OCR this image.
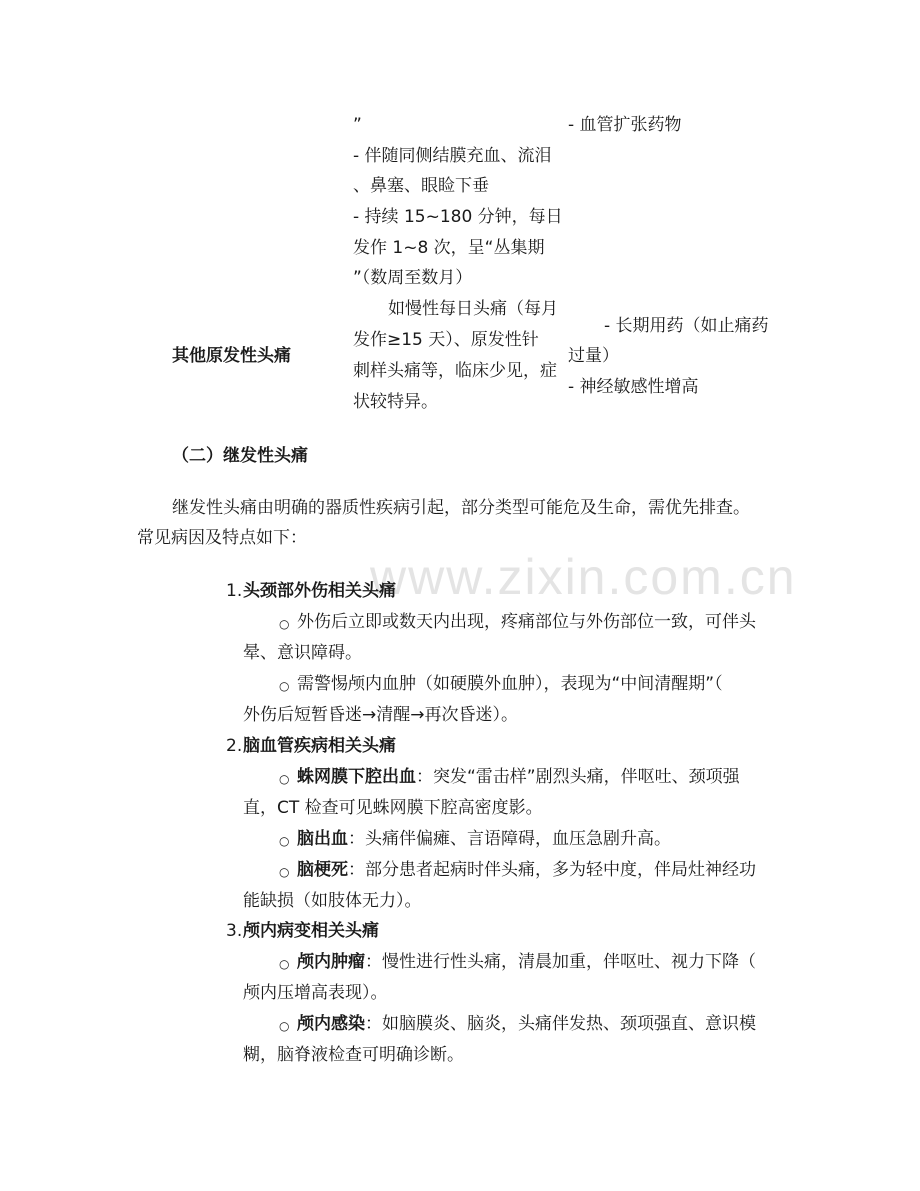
www.zixin.com.cn
”
- 伴随同侧结膜充血、流泪
、鼻塞、眼睑下垂
- 持续 15~180 分钟，每日
发作 1~8 次，呈“丛集期
”（数周至数月）
如慢性每日头痛（每月
发作≥15 天）、原发性针
刺样头痛等，临床少见，症
状较特异。
- 血管扩张药物
- 长期用药（如止痛药
过量）
- 神经敏感性增高
其他原发性头痛
（二）继发性头痛
继发性头痛由明确的器质性疾病引起，部分类型可能危及生命，需优先排查。
常见病因及特点如下：
1. 头颈部外伤相关头痛
○ 外伤后立即或数天内出现，疼痛部位与外伤部位一致，可伴头
晕、意识障碍。
○ 需警惕颅内血肿（如硬膜外血肿），表现为“中间清醒期”（
外伤后短暂昏迷→清醒→再次昏迷）。
2. 脑血管疾病相关头痛
○ 蛛网膜下腔出血：突发“雷击样”剧烈头痛，伴呕吐、颈项强
直，CT 检查可见蛛网膜下腔高密度影。
○ 脑出血：头痛伴偏瘫、言语障碍，血压急剧升高。
○ 脑梗死：部分患者起病时伴头痛，多为轻中度，伴局灶神经功
能缺损（如肢体无力）。
3. 颅内病变相关头痛
○ 颅内肿瘤：慢性进行性头痛，清晨加重，伴呕吐、视力下降（
颅内压增高表现）。
○ 颅内感染：如脑膜炎、脑炎，头痛伴发热、颈项强直、意识模
糊，脑脊液检查可明确诊断。
